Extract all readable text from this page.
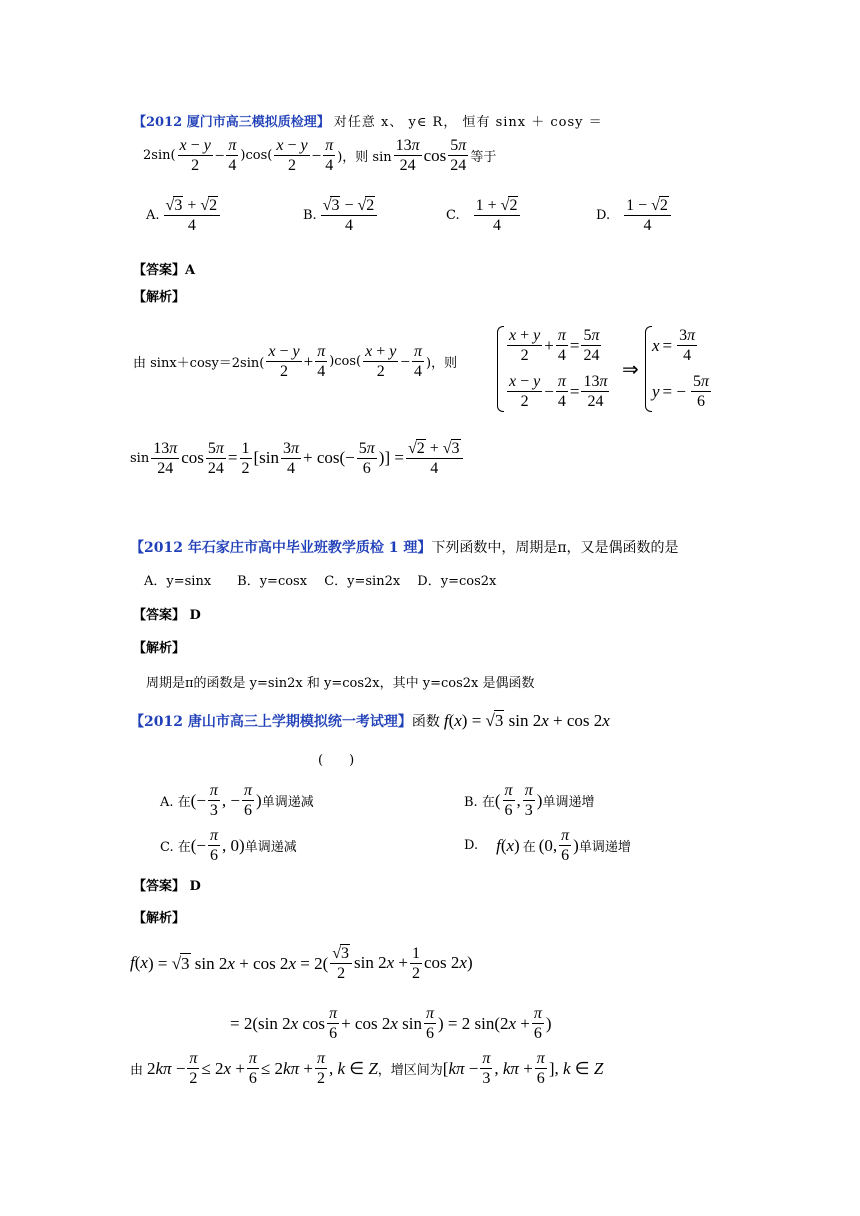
【2012 厦门市高三模拟质检理】 对任意 x、 y∈ R， 恒有 sinx ＋ cosy ＝
2sin(
x − y
2
− $\frac{\pi}{4} )\cos$(
x − y
2
− $\frac{\pi}{4}$ )，则 sin
13π
24
cos 5π
24 等于
A.
√3 + √2
4
B.
√3 − √2
4
C.
1 + √2
4
D.
1 − √2
4
【答案】A
【解析】
由 sinx＋cosy＝2sin(
x − y
2
+ $\frac{\pi}{4} )\cos$(
x + y
2
− $\frac{\pi}{4}$ )，则
x + y
2
+ $\frac{\pi}{4} = \frac{5\pi}{24}$
x − y
2
− $\frac{\pi}{4} = \frac{13\pi}{24}$
⇒
$x = \frac{3\pi}{4}$
y = − $\frac{5\pi}{6}$
sin
13π
24
$\cos \frac{5\pi}{24} = \frac{1}{2} [\sin$ 3π
4
+ $\cos(- \frac{5\pi}{6}$ )] = $\frac{√2 + √3}{4}$
【2012 年石家庄市高中毕业班教学质检 1 理】下列函数中，周期是π，又是偶函数的是
A．y=sinx　　B．y=cosx　 C．y=sin2x　 D．y=cos2x
【答案】 D
【解析】
周期是π的函数是 y=sin2x 和 y=cos2x，其中 y=cos2x 是偶函数
【2012 唐山市高三上学期模拟统一考试理】 函数 f ( x ) = √3 sin 2x + cos 2x
(　　)
A. 在 (− $\frac{\pi}{3}$ , − $\frac{\pi}{6}$ ) 单调递减	B. 在 ( π
6
, π
3
) 单调递增
C. 在 (− $\frac{\pi}{6}$ , 0) 单调递减	D. f ( x ) 在 (0, π
6
) 单调递增
【答案】 D
【解析】
f ( x ) = √3 sin 2x + cos 2x = 2( √3
2
$\sin 2x + \frac{1}{2}$ cos 2x)
= 2(sin 2x cos π
6
+ cos 2x sin π
6
) = 2 $\sin(2x + \frac{\pi}{6}$ )
由 $2k\pi - \frac{\pi}{2} \le 2x + \frac{\pi}{6} \le 2k\pi + \frac{\pi}{2}$ , k ∈ Z ，增区间为 [$k\pi - \frac{\pi}{3}$ , $k\pi + \frac{\pi}{6}$ ], k ∈ Z
